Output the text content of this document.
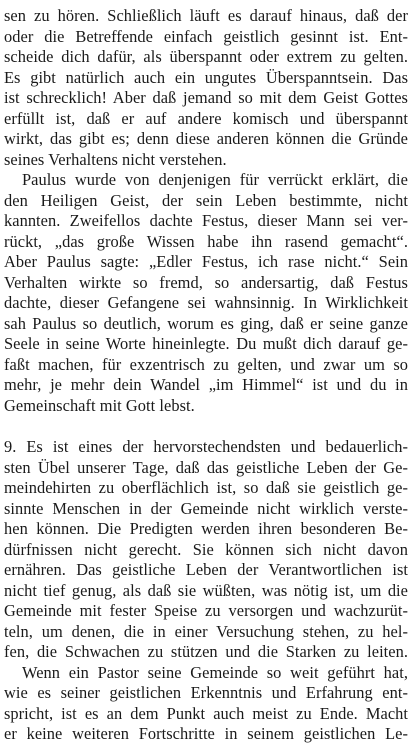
sen zu hören. Schließlich läuft es darauf hinaus, daß der
oder die Betreffende einfach geistlich gesinnt ist. Ent-
scheide dich dafür, als überspannt oder extrem zu gelten.
Es gibt natürlich auch ein ungutes Überspanntsein. Das
ist schrecklich! Aber daß jemand so mit dem Geist Gottes
erfüllt ist, daß er auf andere komisch und überspannt
wirkt, das gibt es; denn diese anderen können die Gründe
seines Verhaltens nicht verstehen.
Paulus wurde von denjenigen für verrückt erklärt, die
den Heiligen Geist, der sein Leben bestimmte, nicht
kannten. Zweifellos dachte Festus, dieser Mann sei ver-
rückt, „das große Wissen habe ihn rasend gemacht“.
Aber Paulus sagte: „Edler Festus, ich rase nicht.“ Sein
Verhalten wirkte so fremd, so andersartig, daß Festus
dachte, dieser Gefangene sei wahnsinnig. In Wirklichkeit
sah Paulus so deutlich, worum es ging, daß er seine ganze
Seele in seine Worte hineinlegte. Du mußt dich darauf ge-
faßt machen, für exzentrisch zu gelten, und zwar um so
mehr, je mehr dein Wandel „im Himmel“ ist und du in
Gemeinschaft mit Gott lebst.
9. Es ist eines der hervorstechendsten und bedauerlich-
sten Übel unserer Tage, daß das geistliche Leben der Ge-
meindehirten zu oberflächlich ist, so daß sie geistlich ge-
sinnte Menschen in der Gemeinde nicht wirklich verste-
hen können. Die Predigten werden ihren besonderen Be-
dürfnissen nicht gerecht. Sie können sich nicht davon
ernähren. Das geistliche Leben der Verantwortlichen ist
nicht tief genug, als daß sie wüßten, was nötig ist, um die
Gemeinde mit fester Speise zu versorgen und wachzurüt-
teln, um denen, die in einer Versuchung stehen, zu hel-
fen, die Schwachen zu stützen und die Starken zu leiten.
Wenn ein Pastor seine Gemeinde so weit geführt hat,
wie es seiner geistlichen Erkenntnis und Erfahrung ent-
spricht, ist es an dem Punkt auch meist zu Ende. Macht
er keine weiteren Fortschritte in seinem geistlichen Le-
